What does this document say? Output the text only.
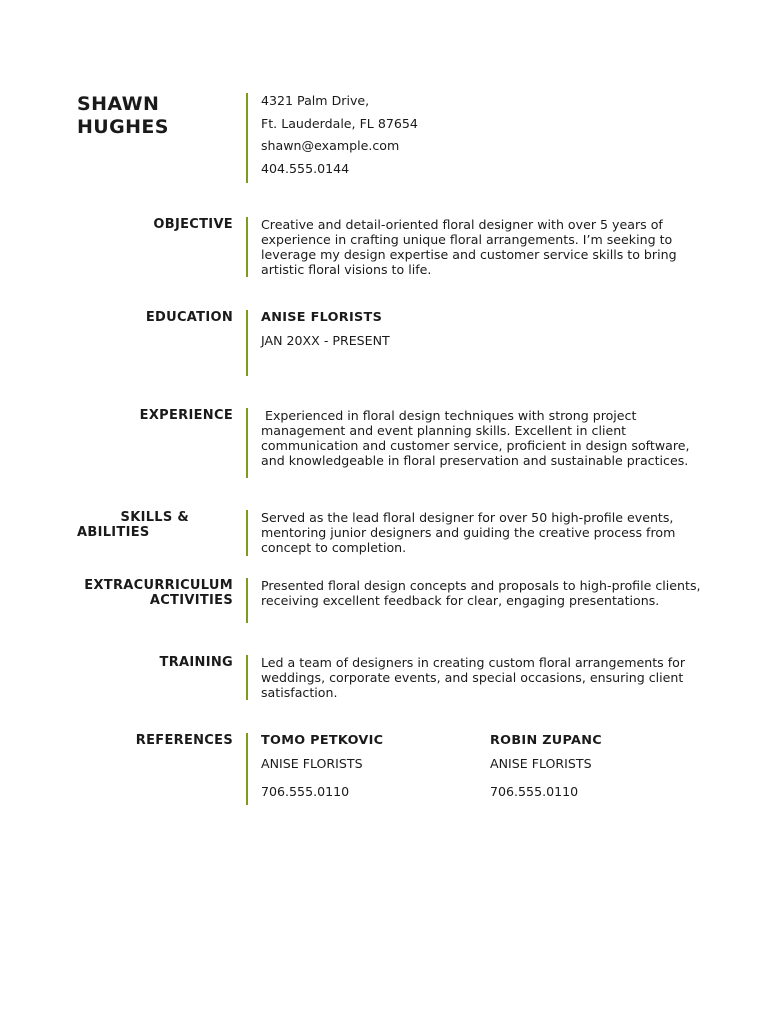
SHAWN
HUGHES
4321 Palm Drive,
Ft. Lauderdale, FL 87654
shawn@example.com
404.555.0144
OBJECTIVE Creative and detail-oriented floral designer with over 5 years of experience in crafting unique floral arrangements. I’m seeking to leverage my design expertise and customer service skills to bring artistic floral visions to life.

EDUCATION ANISE FLORISTS
JAN 20XX - PRESENT
EXPERIENCE Experienced in floral design techniques with strong project management and event planning skills. Excellent in client communication and customer service, proficient in design software, and knowledgeable in floral preservation and sustainable practices.

SKILLS &
ABILITIES

Served as the lead floral designer for over 50 high-profile events, mentoring junior designers and guiding the creative process from concept to completion.

EXTRACURRICULUM
ACTIVITIES

Presented floral design concepts and proposals to high-profile clients, receiving excellent feedback for clear, engaging presentations.

TRAINING Led a team of designers in creating custom floral arrangements for weddings, corporate events, and special occasions, ensuring client satisfaction.

REFERENCES TOMO PETKOVIC
ANISE FLORISTS
706.555.0110
ROBIN ZUPANC
ANISE FLORISTS
706.555.0110
